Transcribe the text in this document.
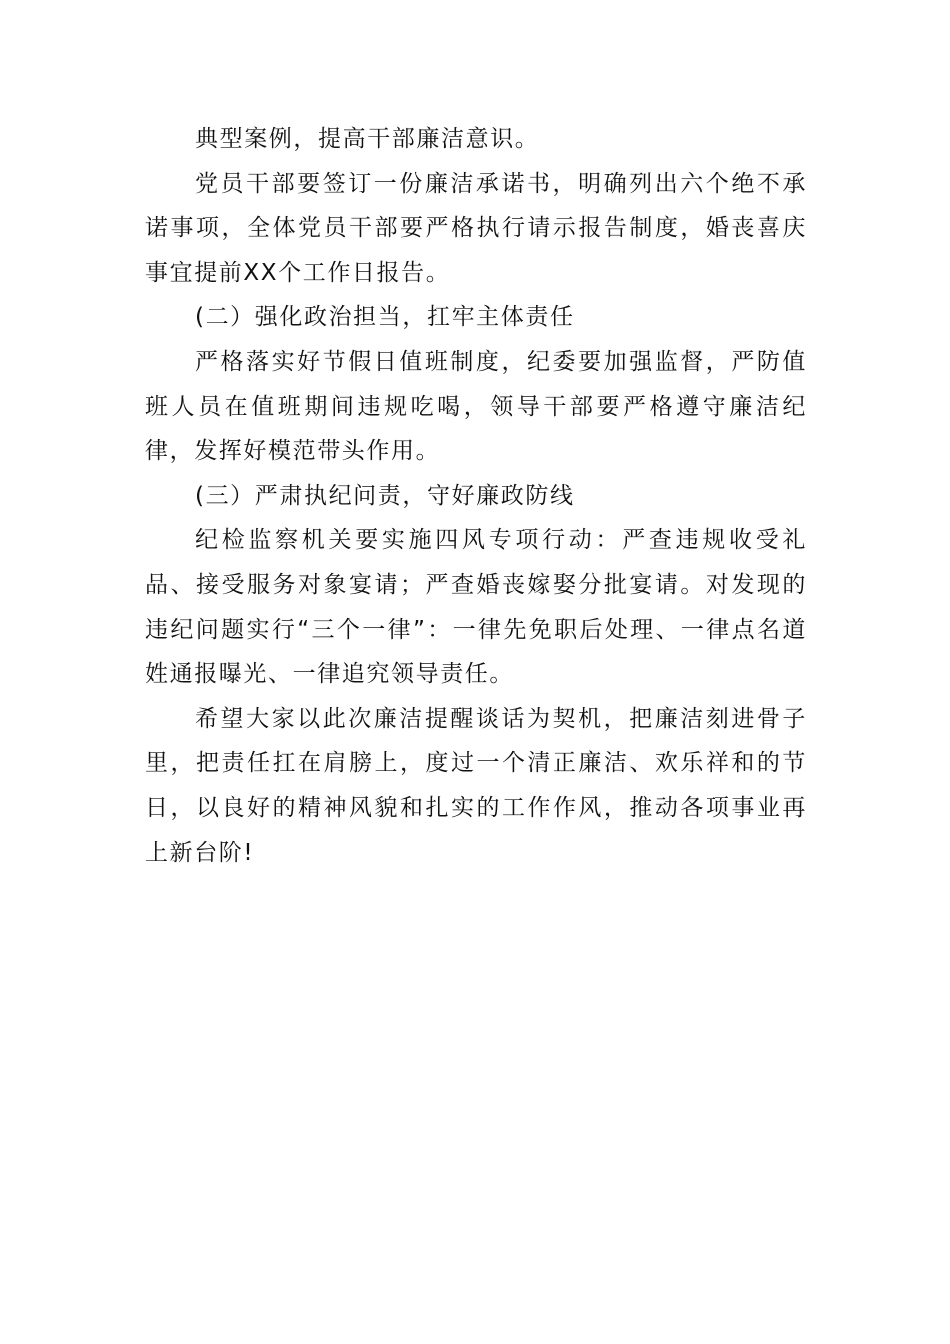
典型案例，提高干部廉洁意识。

党员干部要签订一份廉洁承诺书，明确列出六个绝不承诺事项，全体党员干部要严格执行请示报告制度，婚丧喜庆事宜提前XX个工作日报告。

(二）强化政治担当，扛牢主体责任

严格落实好节假日值班制度，纪委要加强监督，严防值班人员在值班期间违规吃喝，领导干部要严格遵守廉洁纪律，发挥好模范带头作用。

(三）严肃执纪问责，守好廉政防线

纪检监察机关要实施四风专项行动：严查违规收受礼品、接受服务对象宴请；严查婚丧嫁娶分批宴请。对发现的违纪问题实行“三个一律”：一律先免职后处理、一律点名道姓通报曝光、一律追究领导责任。

希望大家以此次廉洁提醒谈话为契机，把廉洁刻进骨子里，把责任扛在肩膀上，度过一个清正廉洁、欢乐祥和的节日，以良好的精神风貌和扎实的工作作风，推动各项事业再上新台阶!
